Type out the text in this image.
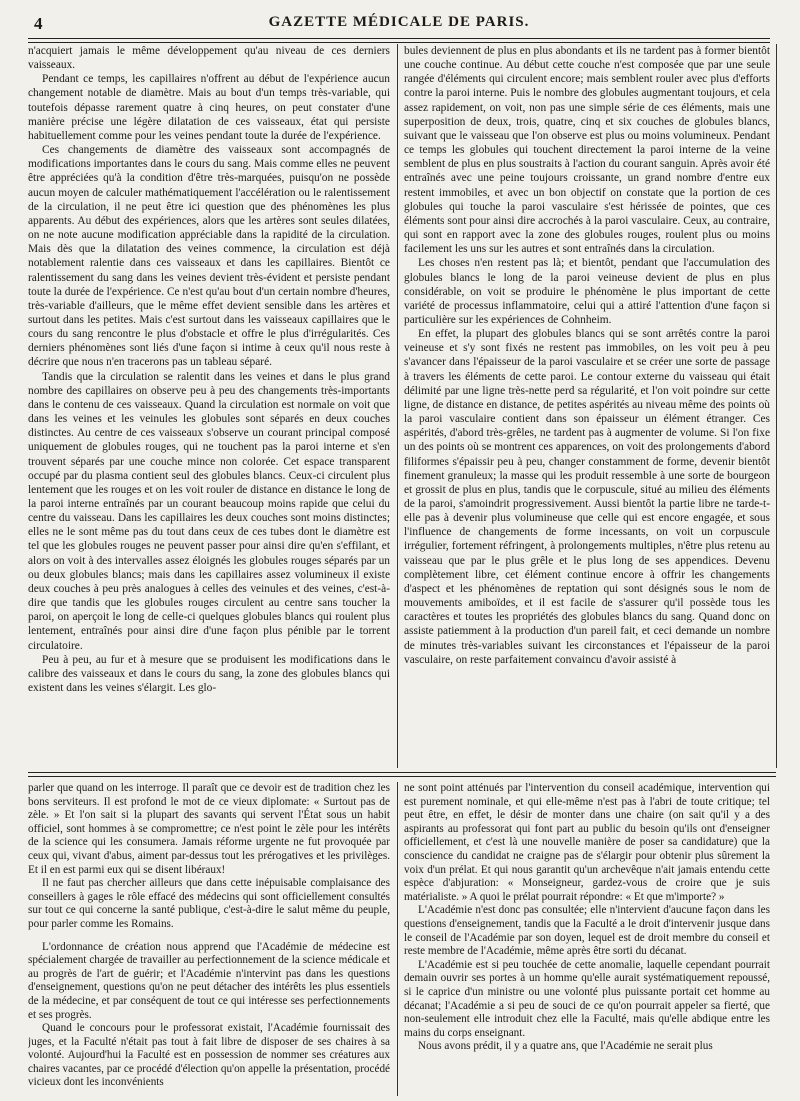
4	GAZETTE MÉDICALE DE PARIS.

n'acquiert jamais le même développement qu'au niveau de ces derniers vaisseaux.

Pendant ce temps, les capillaires n'offrent au début de l'expérience aucun changement notable de diamètre. Mais au bout d'un temps très-variable, qui toutefois dépasse rarement quatre à cinq heures, on peut constater d'une manière précise une légère dilatation de ces vaisseaux, état qui persiste habituellement comme pour les veines pendant toute la durée de l'expérience.

Ces changements de diamètre des vaisseaux sont accompagnés de modifications importantes dans le cours du sang. Mais comme elles ne peuvent être appréciées qu'à la condition d'être très-marquées, puisqu'on ne possède aucun moyen de calculer mathématiquement l'accélération ou le ralentissement de la circulation, il ne peut être ici question que des phénomènes les plus apparents. Au début des expériences, alors que les artères sont seules dilatées, on ne note aucune modification appréciable dans la rapidité de la circulation. Mais dès que la dilatation des veines commence, la circulation est déjà notablement ralentie dans ces vaisseaux et dans les capillaires. Bientôt ce ralentissement du sang dans les veines devient très-évident et persiste pendant toute la durée de l'expérience. Ce n'est qu'au bout d'un certain nombre d'heures, très-variable d'ailleurs, que le même effet devient sensible dans les artères et surtout dans les petites. Mais c'est surtout dans les vaisseaux capillaires que le cours du sang rencontre le plus d'obstacle et offre le plus d'irrégularités. Ces derniers phénomènes sont liés d'une façon si intime à ceux qu'il nous reste à décrire que nous n'en tracerons pas un tableau séparé.

Tandis que la circulation se ralentit dans les veines et dans le plus grand nombre des capillaires on observe peu à peu des changements très-importants dans le contenu de ces vaisseaux. Quand la circulation est normale on voit que dans les veines et les veinules les globules sont séparés en deux couches distinctes. Au centre de ces vaisseaux s'observe un courant principal composé uniquement de globules rouges, qui ne touchent pas la paroi interne et s'en trouvent séparés par une couche mince non colorée. Cet espace transparent occupé par du plasma contient seul des globules blancs. Ceux-ci circulent plus lentement que les rouges et on les voit rouler de distance en distance le long de la paroi interne entraînés par un courant beaucoup moins rapide que celui du centre du vaisseau. Dans les capillaires les deux couches sont moins distinctes; elles ne le sont même pas du tout dans ceux de ces tubes dont le diamètre est tel que les globules rouges ne peuvent passer pour ainsi dire qu'en s'effilant, et alors on voit à des intervalles assez éloignés les globules rouges séparés par un ou deux globules blancs; mais dans les capillaires assez volumineux il existe deux couches à peu près analogues à celles des veinules et des veines, c'est-à-dire que tandis que les globules rouges circulent au centre sans toucher la paroi, on aperçoit le long de celle-ci quelques globules blancs qui roulent plus lentement, entraînés pour ainsi dire d'une façon plus pénible par le torrent circulatoire.

Peu à peu, au fur et à mesure que se produisent les modifications dans le calibre des vaisseaux et dans le cours du sang, la zone des globules blancs qui existent dans les veines s'élargit. Les glo-

bules deviennent de plus en plus abondants et ils ne tardent pas à former bientôt une couche continue. Au début cette couche n'est composée que par une seule rangée d'éléments qui circulent encore; mais semblent rouler avec plus d'efforts contre la paroi interne. Puis le nombre des globules augmentant toujours, et cela assez rapidement, on voit, non pas une simple série de ces éléments, mais une superposition de deux, trois, quatre, cinq et six couches de globules blancs, suivant que le vaisseau que l'on observe est plus ou moins volumineux. Pendant ce temps les globules qui touchent directement la paroi interne de la veine semblent de plus en plus soustraits à l'action du courant sanguin. Après avoir été entraînés avec une peine toujours croissante, un grand nombre d'entre eux restent immobiles, et avec un bon objectif on constate que la portion de ces globules qui touche la paroi vasculaire s'est hérissée de pointes, que ces éléments sont pour ainsi dire accrochés à la paroi vasculaire. Ceux, au contraire, qui sont en rapport avec la zone des globules rouges, roulent plus ou moins facilement les uns sur les autres et sont entraînés dans la circulation.

Les choses n'en restent pas là; et bientôt, pendant que l'accumulation des globules blancs le long de la paroi veineuse devient de plus en plus considérable, on voit se produire le phénomène le plus important de cette variété de processus inflammatoire, celui qui a attiré l'attention d'une façon si particulière sur les expériences de Cohnheim.

En effet, la plupart des globules blancs qui se sont arrêtés contre la paroi veineuse et s'y sont fixés ne restent pas immobiles, on les voit peu à peu s'avancer dans l'épaisseur de la paroi vasculaire et se créer une sorte de passage à travers les éléments de cette paroi. Le contour externe du vaisseau qui était délimité par une ligne très-nette perd sa régularité, et l'on voit poindre sur cette ligne, de distance en distance, de petites aspérités au niveau même des points où la paroi vasculaire contient dans son épaisseur un élément étranger. Ces aspérités, d'abord très-grêles, ne tardent pas à augmenter de volume. Si l'on fixe un des points où se montrent ces apparences, on voit des prolongements d'abord filiformes s'épaissir peu à peu, changer constamment de forme, devenir bientôt finement granuleux; la masse qui les produit ressemble à une sorte de bourgeon et grossit de plus en plus, tandis que le corpuscule, situé au milieu des éléments de la paroi, s'amoindrit progressivement. Aussi bientôt la partie libre ne tarde-t-elle pas à devenir plus volumineuse que celle qui est encore engagée, et sous l'influence de changements de forme incessants, on voit un corpuscule irrégulier, fortement réfringent, à prolongements multiples, n'être plus retenu au vaisseau que par le plus grêle et le plus long de ses appendices. Devenu complètement libre, cet élément continue encore à offrir les changements d'aspect et les phénomènes de reptation qui sont désignés sous le nom de mouvements amiboïdes, et il est facile de s'assurer qu'il possède tous les caractères et toutes les propriétés des globules blancs du sang. Quand donc on assiste patiemment à la production d'un pareil fait, et ceci demande un nombre de minutes très-variables suivant les circonstances et l'épaisseur de la paroi vasculaire, on reste parfaitement convaincu d'avoir assisté à

parler que quand on les interroge. Il paraît que ce devoir est de tradition chez les bons serviteurs. Il est profond le mot de ce vieux diplomate: « Surtout pas de zèle. » Et l'on sait si la plupart des savants qui servent l'État sous un habit officiel, sont hommes à se compromettre; ce n'est point le zèle pour les intérêts de la science qui les consumera. Jamais réforme urgente ne fut provoquée par ceux qui, vivant d'abus, aiment par-dessus tout les prérogatives et les privilèges. Et il en est parmi eux qui se disent libéraux!

Il ne faut pas chercher ailleurs que dans cette inépuisable complaisance des conseillers à gages le rôle effacé des médecins qui sont officiellement consultés sur tout ce qui concerne la santé publique, c'est-à-dire le salut même du peuple, pour parler comme les Romains.

L'ordonnance de création nous apprend que l'Académie de médecine est spécialement chargée de travailler au perfectionnement de la science médicale et au progrès de l'art de guérir; et l'Académie n'intervint pas dans les questions d'enseignement, questions qu'on ne peut détacher des intérêts les plus essentiels de la médecine, et par conséquent de tout ce qui intéresse ses perfectionnements et ses progrès.

Quand le concours pour le professorat existait, l'Académie fournissait des juges, et la Faculté n'était pas tout à fait libre de disposer de ses chaires à sa volonté. Aujourd'hui la Faculté est en possession de nommer ses créatures aux chaires vacantes, par ce procédé d'élection qu'on appelle la présentation, procédé vicieux dont les inconvénients

ne sont point atténués par l'intervention du conseil académique, intervention qui est purement nominale, et qui elle-même n'est pas à l'abri de toute critique; tel peut être, en effet, le désir de monter dans une chaire (on sait qu'il y a des aspirants au professorat qui font part au public du besoin qu'ils ont d'enseigner officiellement, et c'est là une nouvelle manière de poser sa candidature) que la conscience du candidat ne craigne pas de s'élargir pour obtenir plus sûrement la voix d'un prélat. Et qui nous garantit qu'un archevêque n'ait jamais entendu cette espèce d'abjuration: « Monseigneur, gardez-vous de croire que je suis matérialiste. » A quoi le prélat pourrait répondre: « Et que m'importe? »

L'Académie n'est donc pas consultée; elle n'intervient d'aucune façon dans les questions d'enseignement, tandis que la Faculté a le droit d'intervenir jusque dans le conseil de l'Académie par son doyen, lequel est de droit membre du conseil et reste membre de l'Académie, même après être sorti du décanat.

L'Académie est si peu touchée de cette anomalie, laquelle cependant pourrait demain ouvrir ses portes à un homme qu'elle aurait systématiquement repoussé, si le caprice d'un ministre ou une volonté plus puissante portait cet homme au décanat; l'Académie a si peu de souci de ce qu'on pourrait appeler sa fierté, que non-seulement elle introduit chez elle la Faculté, mais qu'elle abdique entre les mains du corps enseignant.

Nous avons prédit, il y a quatre ans, que l'Académie ne serait plus
